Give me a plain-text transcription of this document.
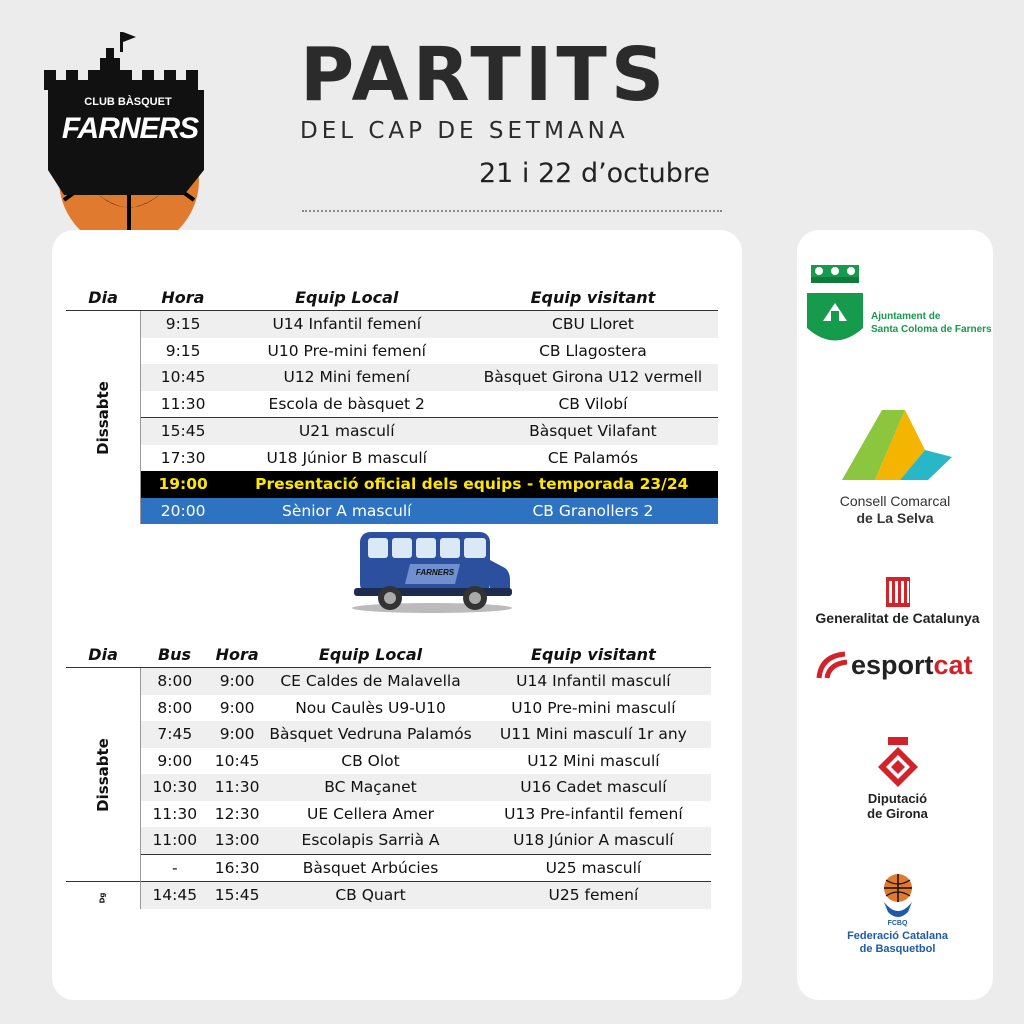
CLUB BÀSQUET
FARNERS
PARTITS
DEL CAP DE SETMANA
21 i 22 d’octubre
Dia	Hora	Equip Local	Equip visitant
Dissabte	9:15	U14 Infantil femení	CBU Lloret
	9:15	U10 Pre-mini femení	CB Llagostera
	10:45	U12 Mini femení	Bàsquet Girona U12 vermell
	11:30	Escola de bàsquet 2	CB Vilobí
	15:45	U21 masculí	Bàsquet Vilafant
	17:30	U18 Júnior B masculí	CE Palamós
	19:00	Presentació oficial dels equips - temporada 23/24	
	20:00	Sènior A masculí	CB Granollers 2
FARNERS
Dia	Bus	Hora	Equip Local	Equip visitant
Dissabte	8:00	9:00	CE Caldes de Malavella	U14 Infantil masculí
	8:00	9:00	Nou Caulès U9-U10	U10 Pre-mini masculí
	7:45	9:00	Bàsquet Vedruna Palamós	U11 Mini masculí 1r any
	9:00	10:45	CB Olot	U12 Mini masculí
	10:30	11:30	BC Maçanet	U16 Cadet masculí
	11:30	12:30	UE Cellera Amer	U13 Pre-infantil femení
	11:00	13:00	Escolapis Sarrià A	U18 Júnior A masculí
	-	16:30	Bàsquet Arbúcies	U25 masculí
Dg	14:45	15:45	CB Quart	U25 femení
Ajuntament de
Santa Coloma de Farners
Consell Comarcal
de La Selva
Generalitat de Catalunya
esportcat
Diputació
de Girona
FCBQ
Federació Catalana
de Basquetbol
